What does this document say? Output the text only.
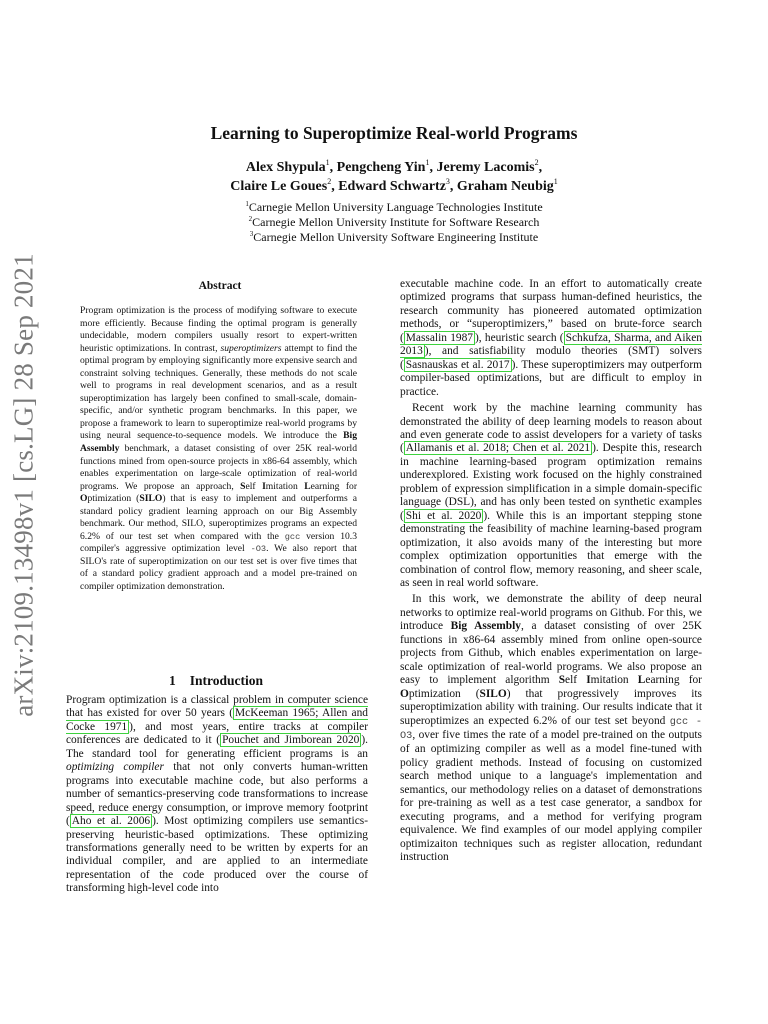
arXiv:2109.13498v1 [cs.LG] 28 Sep 2021
Learning to Superoptimize Real-world Programs
Alex Shypula$^1$, Pengcheng Yin$^1$, Jeremy Lacomis$^2$,
Claire Le Goues$^2$, Edward Schwartz$^3$, Graham Neubig$^1$
$^1$Carnegie Mellon University Language Technologies Institute
$^2$Carnegie Mellon University Institute for Software Research
$^3$Carnegie Mellon University Software Engineering Institute
Abstract

Program optimization is the process of modifying software to execute more efficiently. Because finding the optimal program is generally undecidable, modern compilers usually resort to expert-written heuristic optimizations. In contrast, superoptimizers attempt to find the optimal program by employing significantly more expensive search and constraint solving techniques. Generally, these methods do not scale well to programs in real development scenarios, and as a result superoptimization has largely been confined to small-scale, domain-specific, and/or synthetic program benchmarks. In this paper, we propose a framework to learn to superoptimize real-world programs by using neural sequence-to-sequence models. We introduce the Big Assembly benchmark, a dataset consisting of over 25K real-world functions mined from open-source projects in x86-64 assembly, which enables experimentation on large-scale optimization of real-world programs. We propose an approach, Self Imitation Learning for Optimization (SILO) that is easy to implement and outperforms a standard policy gradient learning approach on our Big Assembly benchmark. Our method, SILO, superoptimizes programs an expected 6.2% of our test set when compared with the gcc version 10.3 compiler's aggressive optimization level -O3. We also report that SILO's rate of superoptimization on our test set is over five times that of a standard policy gradient approach and a model pre-trained on compiler optimization demonstration.

1 Introduction

Program optimization is a classical problem in computer science that has existed for over 50 years ( McKeeman 1965; Allen and Cocke 1971 ), and most years, entire tracks at compiler conferences are dedicated to it ( Pouchet and Jimborean 2020 ). The standard tool for generating efficient programs is an optimizing compiler that not only converts human-written programs into executable machine code, but also performs a number of semantics-preserving code transformations to increase speed, reduce energy consumption, or improve memory footprint ( Aho et al. 2006 ). Most optimizing compilers use semantics-preserving heuristic-based optimizations. These optimizing transformations generally need to be written by experts for an individual compiler, and are applied to an intermediate representation of the code produced over the course of transforming high-level code into

executable machine code. In an effort to automatically create optimized programs that surpass human-defined heuristics, the research community has pioneered automated optimization methods, or “superoptimizers,” based on brute-force search ( Massalin 1987 ), heuristic search ( Schkufza, Sharma, and Aiken 2013 ), and satisfiability modulo theories (SMT) solvers ( Sasnauskas et al. 2017 ). These superoptimizers may outperform compiler-based optimizations, but are difficult to employ in practice.

Recent work by the machine learning community has demonstrated the ability of deep learning models to reason about and even generate code to assist developers for a variety of tasks ( Allamanis et al. 2018; Chen et al. 2021 ). Despite this, research in machine learning-based program optimization remains underexplored. Existing work focused on the highly constrained problem of expression simplification in a simple domain-specific language (DSL), and has only been tested on synthetic examples ( Shi et al. 2020 ). While this is an important stepping stone demonstrating the feasibility of machine learning-based program optimization, it also avoids many of the interesting but more complex optimization opportunities that emerge with the combination of control flow, memory reasoning, and sheer scale, as seen in real world software.

In this work, we demonstrate the ability of deep neural networks to optimize real-world programs on Github. For this, we introduce Big Assembly, a dataset consisting of over 25K functions in x86-64 assembly mined from online open-source projects from Github, which enables experimentation on large-scale optimization of real-world programs. We also propose an easy to implement algorithm Self Imitation Learning for Optimization (SILO) that progressively improves its superoptimization ability with training. Our results indicate that it superoptimizes an expected 6.2% of our test set beyond gcc -O3, over five times the rate of a model pre-trained on the outputs of an optimizing compiler as well as a model fine-tuned with policy gradient methods. Instead of focusing on customized search method unique to a language's implementation and semantics, our methodology relies on a dataset of demonstrations for pre-training as well as a test case generator, a sandbox for executing programs, and a method for verifying program equivalence. We find examples of our model applying compiler optimizaiton techniques such as register allocation, redundant instruction
